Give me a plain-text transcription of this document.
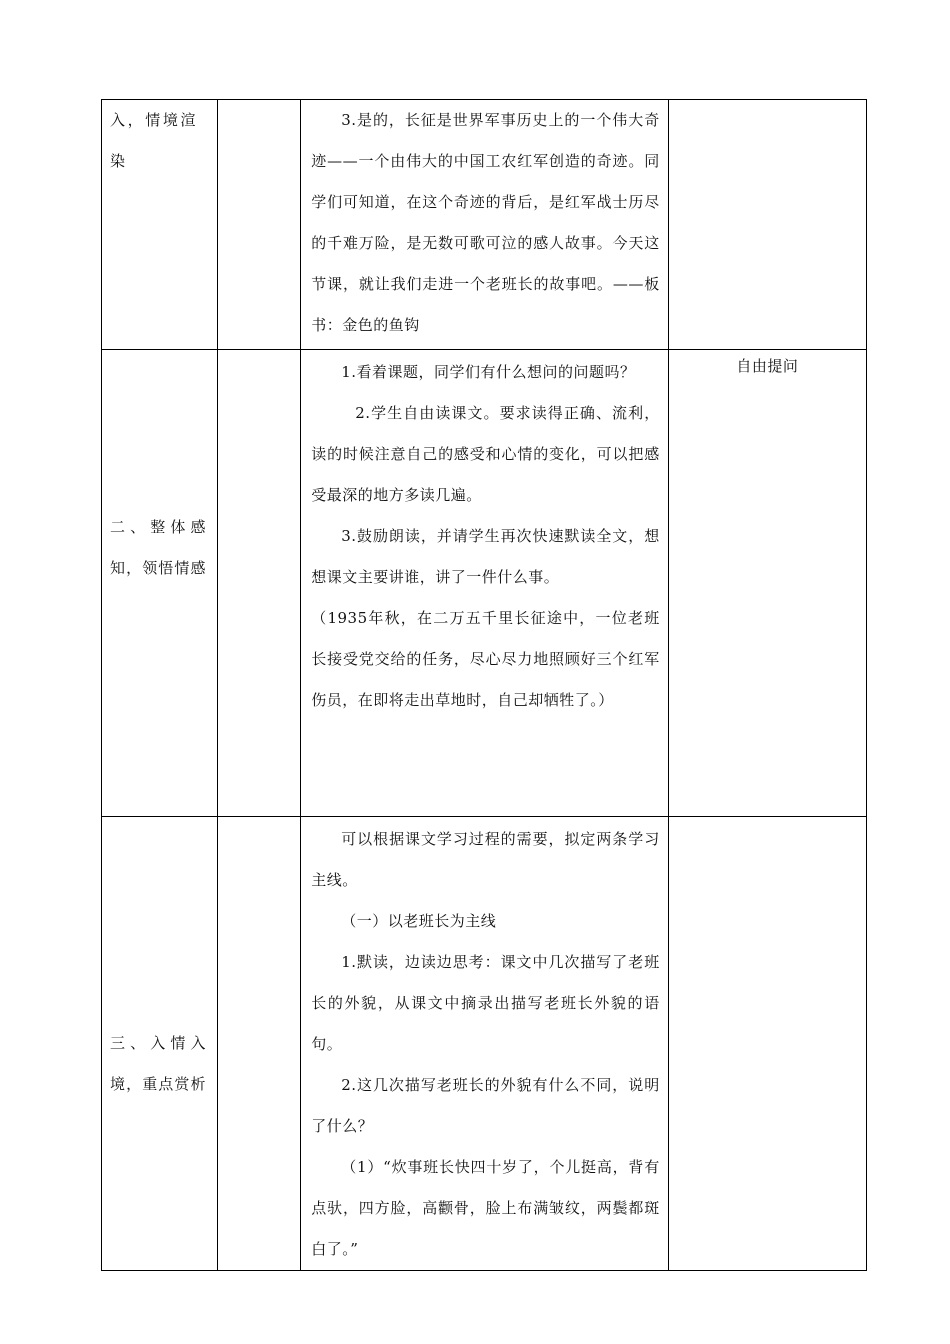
入，情境渲染		3.是的，长征是世界军事历史上的一个伟大奇迹——一个由伟大的中国工农红军创造的奇迹。同学们可知道，在这个奇迹的背后，是红军战士历尽的千难万险，是无数可歌可泣的感人故事。今天这节课，就让我们走进一个老班长的故事吧。——板书：金色的鱼钩	

二、整体感知，领悟情感		1.看着课题，同学们有什么想问的问题吗？

2.学生自由读课文。要求读得正确、流利，读的时候注意自己的感受和心情的变化，可以把感受最深的地方多读几遍。

3.鼓励朗读，并请学生再次快速默读全文，想想课文主要讲谁，讲了一件什么事。

（1935年秋，在二万五千里长征途中，一位老班长接受党交给的任务，尽心尽力地照顾好三个红军伤员，在即将走出草地时，自己却牺牲了。）	自由提问

三、入情入境，重点赏析		可以根据课文学习过程的需要，拟定两条学习主线。

（一）以老班长为主线

1.默读，边读边思考：课文中几次描写了老班长的外貌，从课文中摘录出描写老班长外貌的语句。

2.这几次描写老班长的外貌有什么不同，说明了什么？

（1）“炊事班长快四十岁了，个儿挺高，背有点驮，四方脸，高颧骨，脸上布满皱纹，两鬓都斑白了。”	
